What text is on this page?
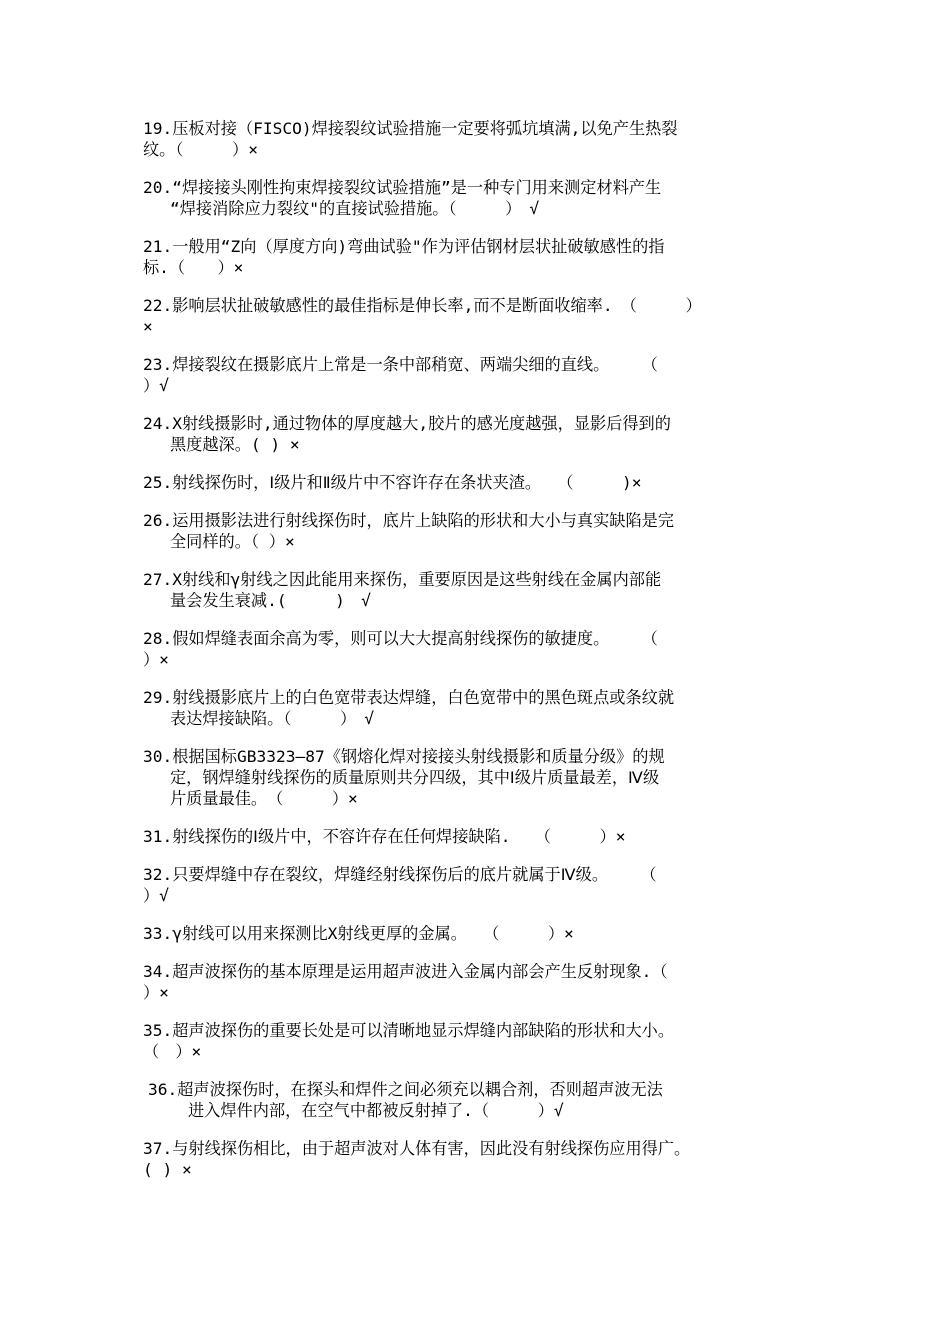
19.压板对接（FISCO)焊接裂纹试验措施一定要将弧坑填满,以免产生热裂
纹。（　　　）×
20.“焊接接头刚性拘束焊接裂纹试验措施”是一种专门用来测定材料产生
“焊接消除应力裂纹"的直接试验措施。（　　　）　√
21.一般用“Z向（厚度方向)弯曲试验"作为评估钢材层状扯破敏感性的指
标.（　　）×
22.影响层状扯破敏感性的最佳指标是伸长率,而不是断面收缩率.　（　　　）
×
23.焊接裂纹在摄影底片上常是一条中部稍宽、两端尖细的直线。　　　（
）√
24.X射线摄影时,通过物体的厚度越大,胶片的感光度越强，显影后得到的
黑度越深。( ) ×
25.射线探伤时，Ⅰ级片和Ⅱ级片中不容许存在条状夹渣。　　（　　　)×
26.运用摄影法进行射线探伤时，底片上缺陷的形状和大小与真实缺陷是完
全同样的。（ ）×
27.X射线和γ射线之因此能用来探伤，重要原因是这些射线在金属内部能
量会发生衰减.(　　　)　√
28.假如焊缝表面余高为零，则可以大大提高射线探伤的敏捷度。　　　（
）×
29.射线摄影底片上的白色宽带表达焊缝，白色宽带中的黑色斑点或条纹就
表达焊接缺陷。（　　　）　√
30.根据国标GB3323—87《钢熔化焊对接接头射线摄影和质量分级》的规
定，钢焊缝射线探伤的质量原则共分四级，其中Ⅰ级片质量最差，Ⅳ级
片质量最佳。　（　　　）×
31.射线探伤的Ⅰ级片中，不容许存在任何焊接缺陷.　　（　　　）×
32.只要焊缝中存在裂纹，焊缝经射线探伤后的底片就属于Ⅳ级。　　　（
）√
33.γ射线可以用来探测比X射线更厚的金属。　　（　　　）×
34.超声波探伤的基本原理是运用超声波进入金属内部会产生反射现象.（
）×
35.超声波探伤的重要长处是可以清晰地显示焊缝内部缺陷的形状和大小。
（　）×
36.超声波探伤时，在探头和焊件之间必须充以耦合剂，否则超声波无法
进入焊件内部，在空气中都被反射掉了.（　　　）√
37.与射线探伤相比，由于超声波对人体有害，因此没有射线探伤应用得广。
( ) ×
